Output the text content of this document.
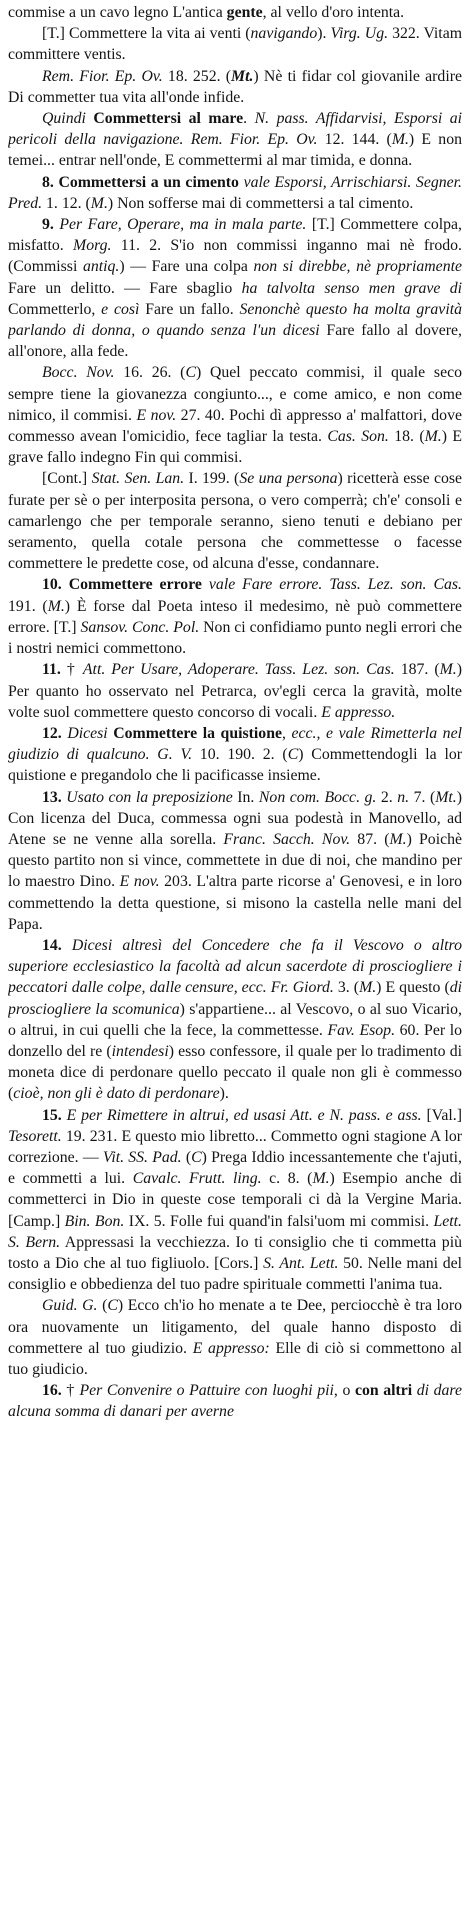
commise a un cavo legno L'antica gente, al vello d'oro intenta.

[T.] Commettere la vita ai venti (navigando). Virg. Ug. 322. Vitam committere ventis.

Rem. Fior. Ep. Ov. 18. 252. (Mt.) Nè ti fidar col giovanile ardire Di commetter tua vita all'onde infide.

Quindi Commettersi al mare. N. pass. Affidarvisi, Esporsi ai pericoli della navigazione. Rem. Fior. Ep. Ov. 12. 144. (M.) E non temei... entrar nell'onde, E commettermi al mar timida, e donna.

8. Commettersi a un cimento vale Esporsi, Arrischiarsi. Segner. Pred. 1. 12. (M.) Non sofferse mai di commettersi a tal cimento.

9. Per Fare, Operare, ma in mala parte. [T.] Commettere colpa, misfatto. Morg. 11. 2. S'io non commissi inganno mai nè frodo. (Commissi antiq.) — Fare una colpa non si direbbe, nè propriamente Fare un delitto. — Fare sbaglio ha talvolta senso men grave di Commetterlo, e così Fare un fallo. Senonchè questo ha molta gravità parlando di donna, o quando senza l'un dicesi Fare fallo al dovere, all'onore, alla fede.

Bocc. Nov. 16. 26. (C) Quel peccato commisi, il quale seco sempre tiene la giovanezza congiunto..., e come amico, e non come nimico, il commisi. E nov. 27. 40. Pochi dì appresso a' malfattori, dove commesso avean l'omicidio, fece tagliar la testa. Cas. Son. 18. (M.) E grave fallo indegno Fin qui commisi.

[Cont.] Stat. Sen. Lan. I. 199. (Se una persona) ricetterà esse cose furate per sè o per interposita persona, o vero comperrà; ch'e' consoli e camarlengo che per temporale seranno, sieno tenuti e debiano per seramento, quella cotale persona che commettesse o facesse commettere le predette cose, od alcuna d'esse, condannare.

10. Commettere errore vale Fare errore. Tass. Lez. son. Cas. 191. (M.) È forse dal Poeta inteso il medesimo, nè può commettere errore. [T.] Sansov. Conc. Pol. Non ci confidiamo punto negli errori che i nostri nemici commettono.

11. † Att. Per Usare, Adoperare. Tass. Lez. son. Cas. 187. (M.) Per quanto ho osservato nel Petrarca, ov'egli cerca la gravità, molte volte suol commettere questo concorso di vocali. E appresso.

12. Dicesi Commettere la quistione, ecc., e vale Rimetterla nel giudizio di qualcuno. G. V. 10. 190. 2. (C) Commettendogli la lor quistione e pregandolo che li pacificasse insieme.

13. Usato con la preposizione In. Non com. Bocc. g. 2. n. 7. (Mt.) Con licenza del Duca, commessa ogni sua podestà in Manovello, ad Atene se ne venne alla sorella. Franc. Sacch. Nov. 87. (M.) Poichè questo partito non si vince, commettete in due di noi, che mandino per lo maestro Dino. E nov. 203. L'altra parte ricorse a' Genovesi, e in loro commettendo la detta questione, si misono la castella nelle mani del Papa.

14. Dicesi altresì del Concedere che fa il Vescovo o altro superiore ecclesiastico la facoltà ad alcun sacerdote di prosciogliere i peccatori dalle colpe, dalle censure, ecc. Fr. Giord. 3. (M.) E questo (di prosciogliere la scomunica) s'appartiene... al Vescovo, o al suo Vicario, o altrui, in cui quelli che la fece, la commettesse. Fav. Esop. 60. Per lo donzello del re (intendesi) esso confessore, il quale per lo tradimento di moneta dice di perdonare quello peccato il quale non gli è commesso (cioè, non gli è dato di perdonare).

15. E per Rimettere in altrui, ed usasi Att. e N. pass. e ass. [Val.] Tesorett. 19. 231. E questo mio libretto... Commetto ogni stagione A lor correzione. — Vit. SS. Pad. (C) Prega Iddio incessantemente che t'ajuti, e commetti a lui. Cavalc. Frutt. ling. c. 8. (M.) Esempio anche di commetterci in Dio in queste cose temporali ci dà la Vergine Maria. [Camp.] Bin. Bon. IX. 5. Folle fui quand'in falsi'uom mi commisi. Lett. S. Bern. Appressasi la vecchiezza. Io ti consiglio che ti commetta più tosto a Dio che al tuo figliuolo. [Cors.] S. Ant. Lett. 50. Nelle mani del consiglio e obbedienza del tuo padre spirituale commetti l'anima tua.

Guid. G. (C) Ecco ch'io ho menate a te Dee, perciocchè è tra loro ora nuovamente un litigamento, del quale hanno disposto di commettere al tuo giudizio. E appresso: Elle di ciò si commettono al tuo giudicio.

16. † Per Convenire o Pattuire con luoghi pii, o con altri di dare alcuna somma di danari per averne
